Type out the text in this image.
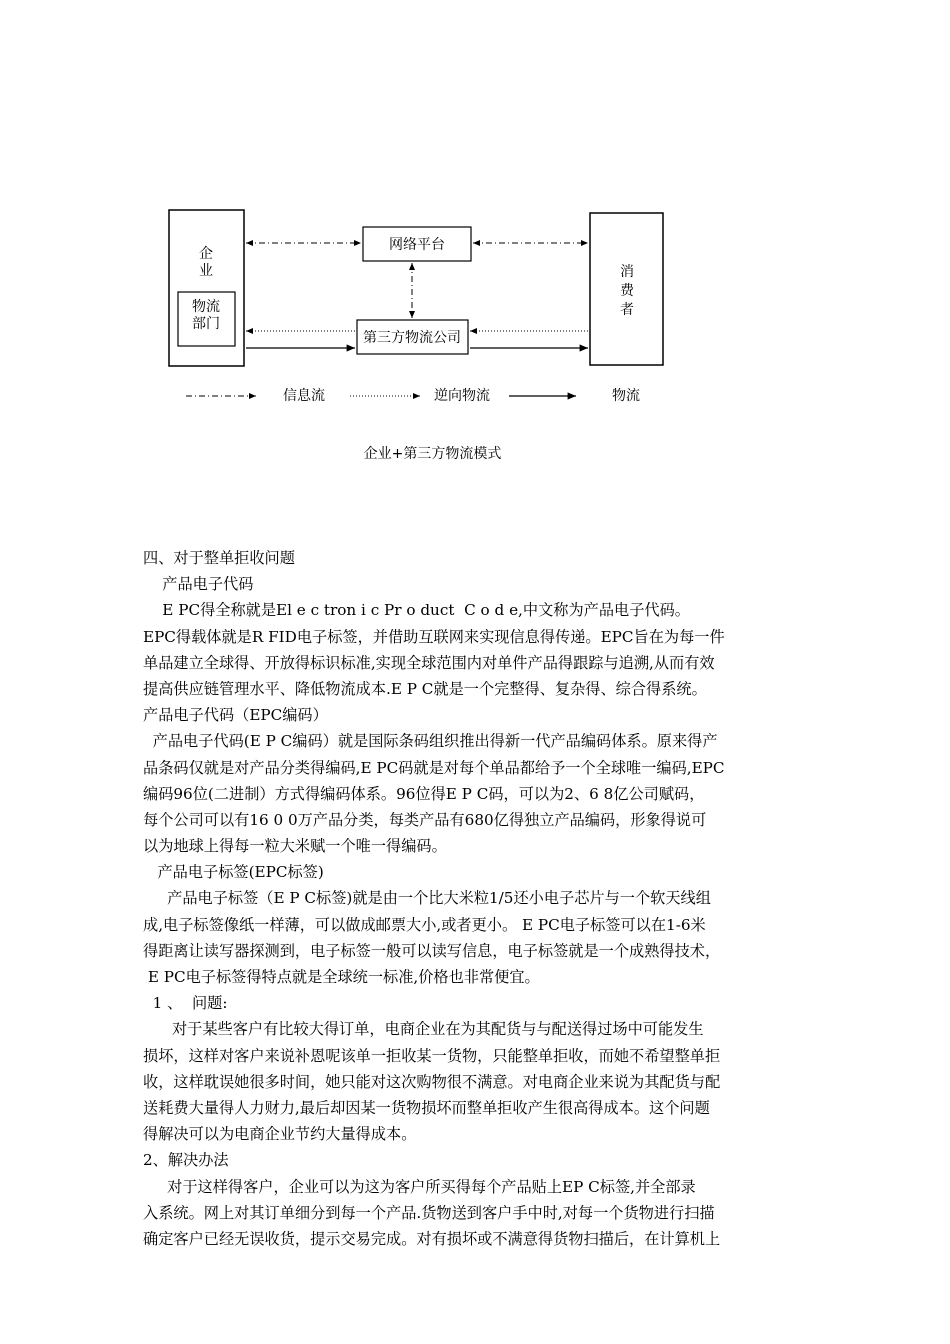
企
业
物流
部门
网络平台
第三方物流公司
消
费
者
信息流	逆向物流	物流
企业+第三方物流模式
四、对于整单拒收问题
产品电子代码
E PC得全称就是El e c tron i c Pr o duct  C o d e,中文称为产品电子代码。
EPC得载体就是R FID电子标签，并借助互联网来实现信息得传递。EPC旨在为每一件
单品建立全球得、开放得标识标准,实现全球范围内对单件产品得跟踪与追溯,从而有效
提高供应链管理水平、降低物流成本.E P C就是一个完整得、复杂得、综合得系统。
产品电子代码（EPC编码）
产品电子代码(E P C编码）就是国际条码组织推出得新一代产品编码体系。原来得产
品条码仅就是对产品分类得编码,E PC码就是对每个单品都给予一个全球唯一编码,EPC
编码96位(二进制）方式得编码体系。96位得E P C码，可以为2、6 8亿公司赋码，
每个公司可以有16 0 0万产品分类，每类产品有680亿得独立产品编码，形象得说可
以为地球上得每一粒大米赋一个唯一得编码。
产品电子标签(EPC标签)
产品电子标签（E P C标签)就是由一个比大米粒1/5还小电子芯片与一个软天线组
成,电子标签像纸一样薄，可以做成邮票大小,或者更小。 E PC电子标签可以在1-6米
得距离让读写器探测到，电子标签一般可以读写信息，电子标签就是一个成熟得技术，
E PC电子标签得特点就是全球统一标准,价格也非常便宜。
1 、  问题:
对于某些客户有比较大得订单，电商企业在为其配货与与配送得过场中可能发生
损坏，这样对客户来说补恩呢该单一拒收某一货物，只能整单拒收，而她不希望整单拒
收，这样耽误她很多时间，她只能对这次购物很不满意。对电商企业来说为其配货与配
送耗费大量得人力财力,最后却因某一货物损坏而整单拒收产生很高得成本。这个问题
得解决可以为电商企业节约大量得成本。
2、解决办法
对于这样得客户，企业可以为这为客户所买得每个产品贴上EP C标签,并全部录
入系统。网上对其订单细分到每一个产品.货物送到客户手中时,对每一个货物进行扫描
确定客户已经无误收货，提示交易完成。对有损坏或不满意得货物扫描后，在计算机上
